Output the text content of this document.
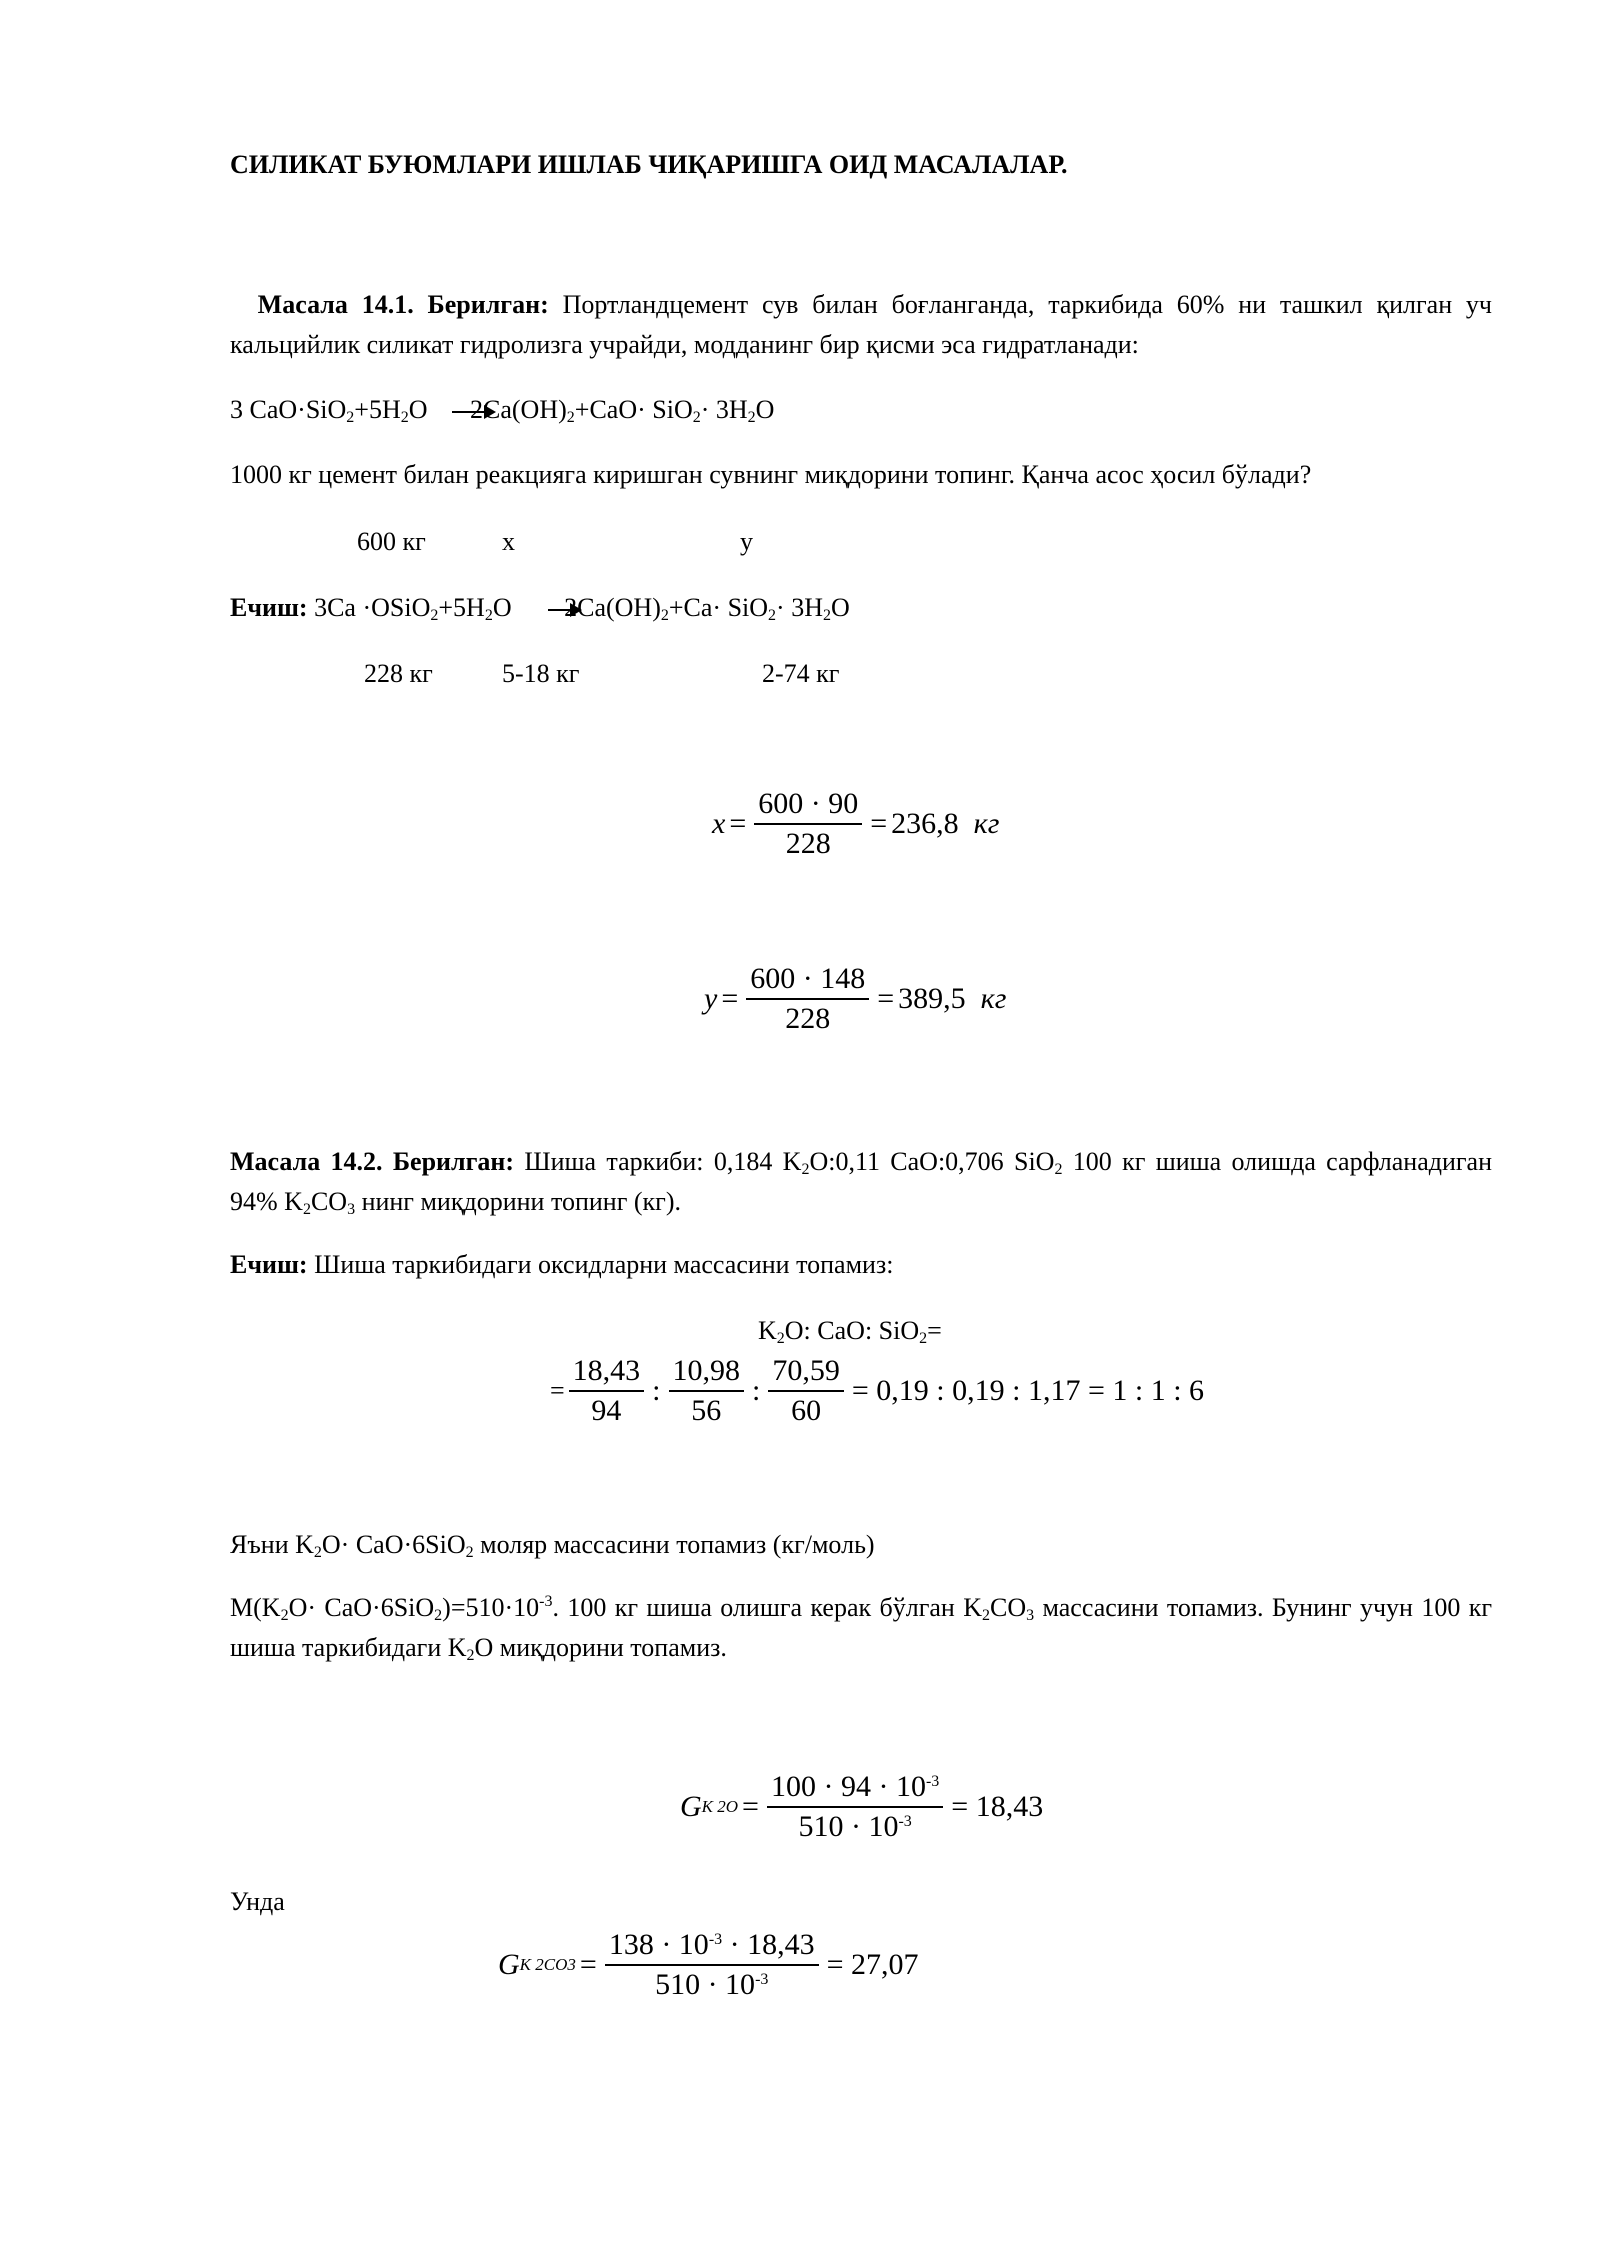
СИЛИКАТ БУЮМЛАРИ ИШЛАБ ЧИҚАРИШГА ОИД МАСАЛАЛАР.
Масала 14.1. Берилган: Портландцемент сув билан боғланганда, таркибида 60% ни ташкил қилган уч кальцийлик силикат гидролизга учрайди, модданинг бир қисми эса гидратланади:
3 $CaO\cdot SiO_2+5H_2O$ $2Ca(OH)_2+CaO\cdot SiO_2\cdot 3H_2O$
1000 кг цемент билан реакцияга киришган сувнинг миқдорини топинг. Қанча асос ҳосил бўлади?
600 кг	x	y
Ечиш: $3Ca \cdot OSiO_2+5H_2O$ $2Ca(OH)_2+Ca\cdot SiO_2\cdot 3H_2O$
228 кг	5-18 кг	2-74 кг
$x = \frac{600 \cdot 90}{228} = 236,8$
кг
$y = \frac{600 \cdot 148}{228} = 389,5$
кг
Масала 14.2. Берилган: Шиша таркиби: 0,184 $K_2O:0,11$ CaO:0,706 SiO$_2$ 100 кг шиша олишда сарфланадиган 94% $K_2CO_3$ нинг миқдорини топинг (кг).
Ечиш: Шиша таркибидаги оксидларни массасини топамиз:
$K_2O$: CaO: SiO$_2$=
= $\frac{18,43}{94}$ : $\frac{10,98}{56}$ : $\frac{70,59}{60} = 0,19$ : 0,19 : 1,17 = 1 : 1 : 6
Яъни $K_2O\cdot CaO\cdot 6SiO_2$ моляр массасини топамиз (кг/моль)
$M(K_2O\cdot CaO\cdot 6SiO_2)=510\cdot 10^{-3}$. 100 кг шиша олишга керак бўлган $K_2CO_3$ массасини топамиз. Бунинг учун 100 кг шиша таркибидаги $K_2O$ миқдорини топамиз.
G K $2O = \frac{100 \cdot 94 \cdot 10^{-3}}{510 \cdot 10^{-3}} = 18,43$
Унда
G K $2CO3 = \frac{138 \cdot 10^{-3} \cdot 18,43}{510 \cdot 10^{-3}} = 27,07$
